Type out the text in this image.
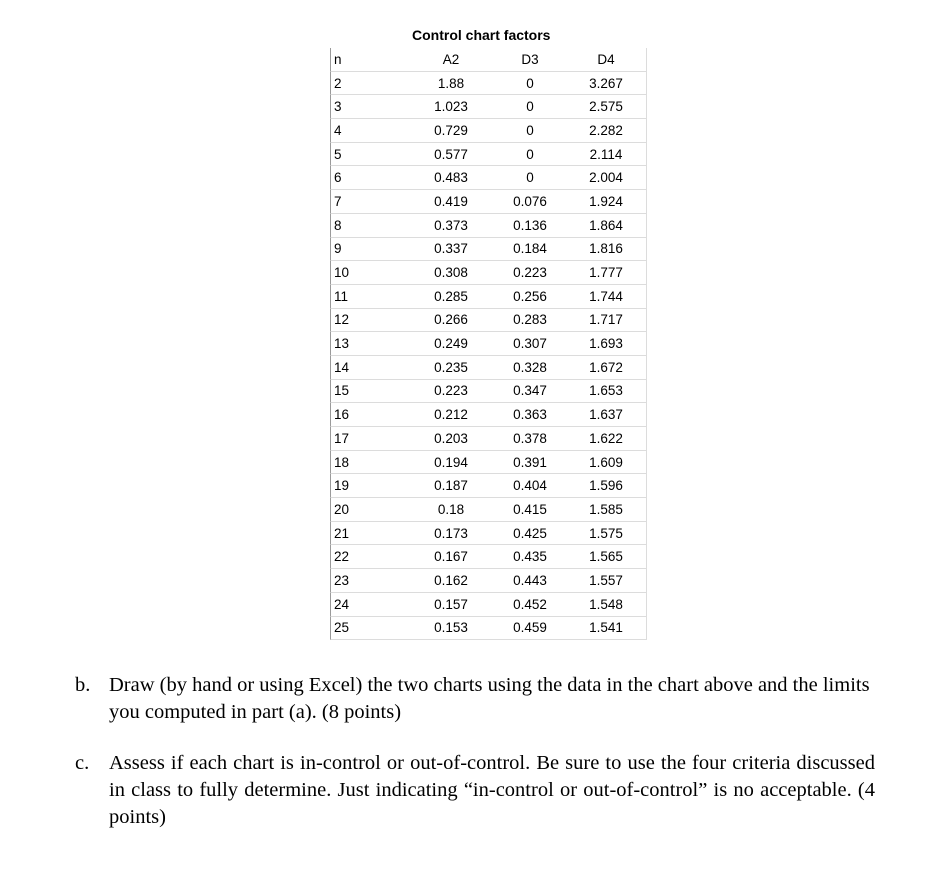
Control chart factors
n	A2	D3	D4
2	1.88	0	3.267
3	1.023	0	2.575
4	0.729	0	2.282
5	0.577	0	2.114
6	0.483	0	2.004
7	0.419	0.076	1.924
8	0.373	0.136	1.864
9	0.337	0.184	1.816
10	0.308	0.223	1.777
11	0.285	0.256	1.744
12	0.266	0.283	1.717
13	0.249	0.307	1.693
14	0.235	0.328	1.672
15	0.223	0.347	1.653
16	0.212	0.363	1.637
17	0.203	0.378	1.622
18	0.194	0.391	1.609
19	0.187	0.404	1.596
20	0.18	0.415	1.585
21	0.173	0.425	1.575
22	0.167	0.435	1.565
23	0.162	0.443	1.557
24	0.157	0.452	1.548
25	0.153	0.459	1.541
b. Draw (by hand or using Excel) the two charts using the data in the chart above and the limits you computed in part (a). (8 points)
c. Assess if each chart is in-control or out-of-control. Be sure to use the four criteria discussed in class to fully determine. Just indicating “in-control or out-of-control” is no acceptable. (4 points)
